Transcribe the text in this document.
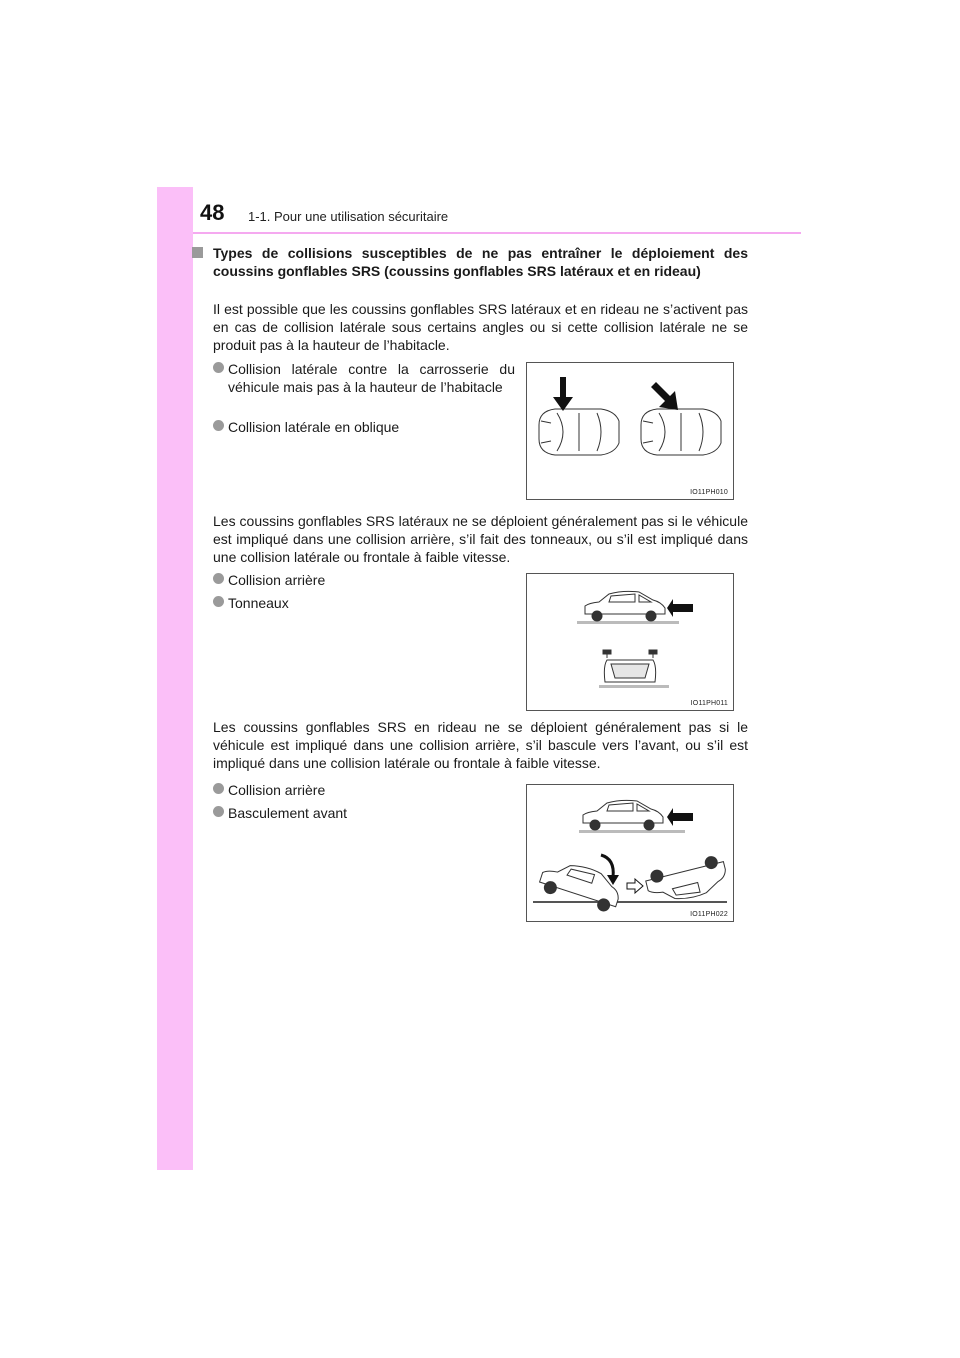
48 1-1. Pour une utilisation sécuritaire
Types de collisions susceptibles de ne pas entraîner le déploiement des coussins gonflables SRS (coussins gonflables SRS latéraux et en rideau)
Il est possible que les coussins gonflables SRS latéraux et en rideau ne s’activent pas en cas de collision latérale sous certains angles ou si cette collision latérale ne se produit pas à la hauteur de l’habitacle.
Collision latérale contre la carrosserie du véhicule mais pas à la hauteur de l’habitacle
Collision latérale en oblique
IO11PH010
Les coussins gonflables SRS latéraux ne se déploient généralement pas si le véhicule est impliqué dans une collision arrière, s’il fait des tonneaux, ou s’il est impliqué dans une collision latérale ou frontale à faible vitesse.
Collision arrière
Tonneaux
IO11PH011
Les coussins gonflables SRS en rideau ne se déploient généralement pas si le véhicule est impliqué dans une collision arrière, s’il bascule vers l’avant, ou s’il est impliqué dans une collision latérale ou frontale à faible vitesse.
Collision arrière
Basculement avant
IO11PH022
